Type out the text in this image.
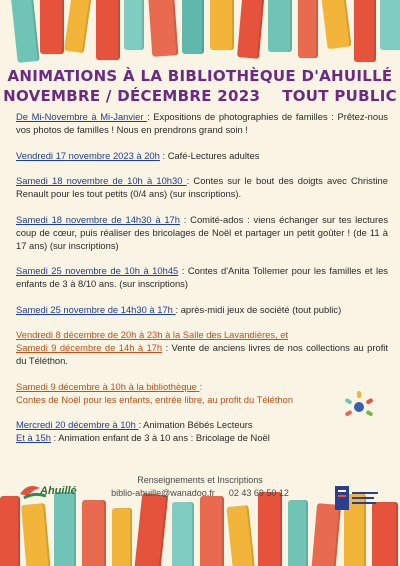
ANIMATIONS À LA BIBLIOTHÈQUE D'AHUILLÉ
NOVEMBRE / DÉCEMBRE 2023 TOUT PUBLIC
De Mi-Novembre à Mi-Janvier : Expositions de photographies de familles : Prêtez-nous vos photos de familles ! Nous en prendrons grand soin !
Vendredi 17 novembre 2023 à 20h : Café-Lectures adultes
Samedi 18 novembre de 10h à 10h30 : Contes sur le bout des doigts avec Christine Renault pour les tout petits (0/4 ans) (sur inscriptions).
Samedi 18 novembre de 14h30 à 17h : Comité-ados : viens échanger sur tes lectures coup de cœur, puis réaliser des bricolages de Noël et partager un petit goûter ! (de 11 à 17 ans) (sur inscriptions)
Samedi 25 novembre de 10h à 10h45 : Contes d'Anita Tollemer pour les familles et les enfants de 3 à 8/10 ans. (sur inscriptions)
Samedi 25 novembre de 14h30 à 17h : après-midi jeux de société (tout public)
Vendredi 8 décembre de 20h à 23h à la Salle des Lavandières, et
Samedi 9 décembre de 14h à 17h : Vente de anciens livres de nos collections au profit du Téléthon.
Samedi 9 décembre à 10h à la bibliothèque :
Contes de Noël pour les enfants, entrée libre, au profit du Téléthon
Mercredi 20 décembre à 10h : Animation Bébés Lecteurs
Et à 15h : Animation enfant de 3 à 10 ans : Bricolage de Noël
Ahuillé
Renseignements et Inscriptions
biblio-ahuille@wanadoo.fr 02 43 69 50 12
